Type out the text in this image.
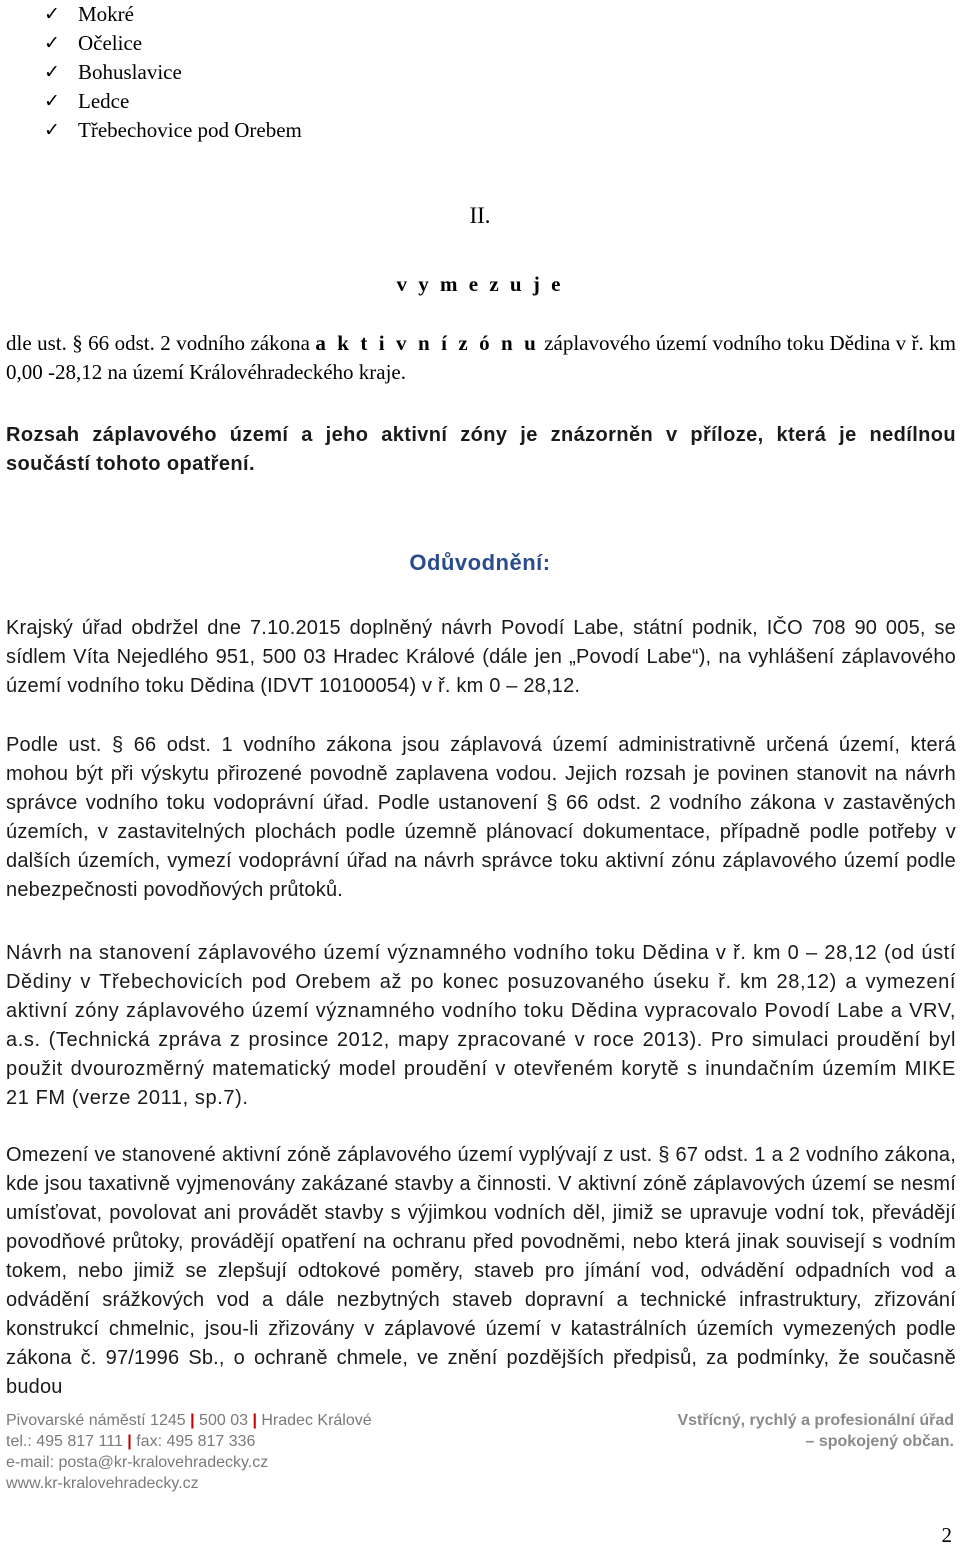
✓ Mokré
✓ Očelice
✓ Bohuslavice
✓ Ledce
✓ Třebechovice pod Orebem
II.
v y m e z u j e
dle ust. § 66 odst. 2 vodního zákona a k t i v n í z ó n u záplavového území vodního toku Dědina v ř. km 0,00 -28,12 na území Královéhradeckého kraje.
Rozsah záplavového území a jeho aktivní zóny je znázorněn v příloze, která je nedílnou součástí tohoto opatření.
Odůvodnění:
Krajský úřad obdržel dne 7.10.2015 doplněný návrh Povodí Labe, státní podnik, IČO 708 90 005, se sídlem Víta Nejedlého 951, 500 03 Hradec Králové (dále jen „Povodí Labe“), na vyhlášení záplavového území vodního toku Dědina (IDVT 10100054) v ř. km 0 – 28,12.
Podle ust. § 66 odst. 1 vodního zákona jsou záplavová území administrativně určená území, která mohou být při výskytu přirozené povodně zaplavena vodou. Jejich rozsah je povinen stanovit na návrh správce vodního toku vodoprávní úřad. Podle ustanovení § 66 odst. 2 vodního zákona v zastavěných územích, v zastavitelných plochách podle územně plánovací dokumentace, případně podle potřeby v dalších územích, vymezí vodoprávní úřad na návrh správce toku aktivní zónu záplavového území podle nebezpečnosti povodňových průtoků.
Návrh na stanovení záplavového území významného vodního toku Dědina v ř. km 0 – 28,12 (od ústí Dědiny v Třebechovicích pod Orebem až po konec posuzovaného úseku ř. km 28,12) a vymezení aktivní zóny záplavového území významného vodního toku Dědina vypracovalo Povodí Labe a VRV, a.s. (Technická zpráva z prosince 2012, mapy zpracované v roce 2013). Pro simulaci proudění byl použit dvourozměrný matematický model proudění v otevřeném korytě s inundačním územím MIKE 21 FM (verze 2011, sp.7).
Omezení ve stanovené aktivní zóně záplavového území vyplývají z ust. § 67 odst. 1 a 2 vodního zákona, kde jsou taxativně vyjmenovány zakázané stavby a činnosti. V aktivní zóně záplavových území se nesmí umísťovat, povolovat ani provádět stavby s výjimkou vodních děl, jimiž se upravuje vodní tok, převádějí povodňové průtoky, provádějí opatření na ochranu před povodněmi, nebo která jinak souvisejí s vodním tokem, nebo jimiž se zlepšují odtokové poměry, staveb pro jímání vod, odvádění odpadních vod a odvádění srážkových vod a dále nezbytných staveb dopravní a technické infrastruktury, zřizování konstrukcí chmelnic, jsou-li zřizovány v záplavové území v katastrálních územích vymezených podle zákona č. 97/1996 Sb., o ochraně chmele, ve znění pozdějších předpisů, za podmínky, že současně budou
Pivovarské náměstí 1245 | 500 03 | Hradec Králové
tel.: 495 817 111 | fax: 495 817 336
e-mail: posta@kr-kralovehradecky.cz
www.kr-kralovehradecky.cz
Vstřícný, rychlý a profesionální úřad
– spokojený občan.
2
